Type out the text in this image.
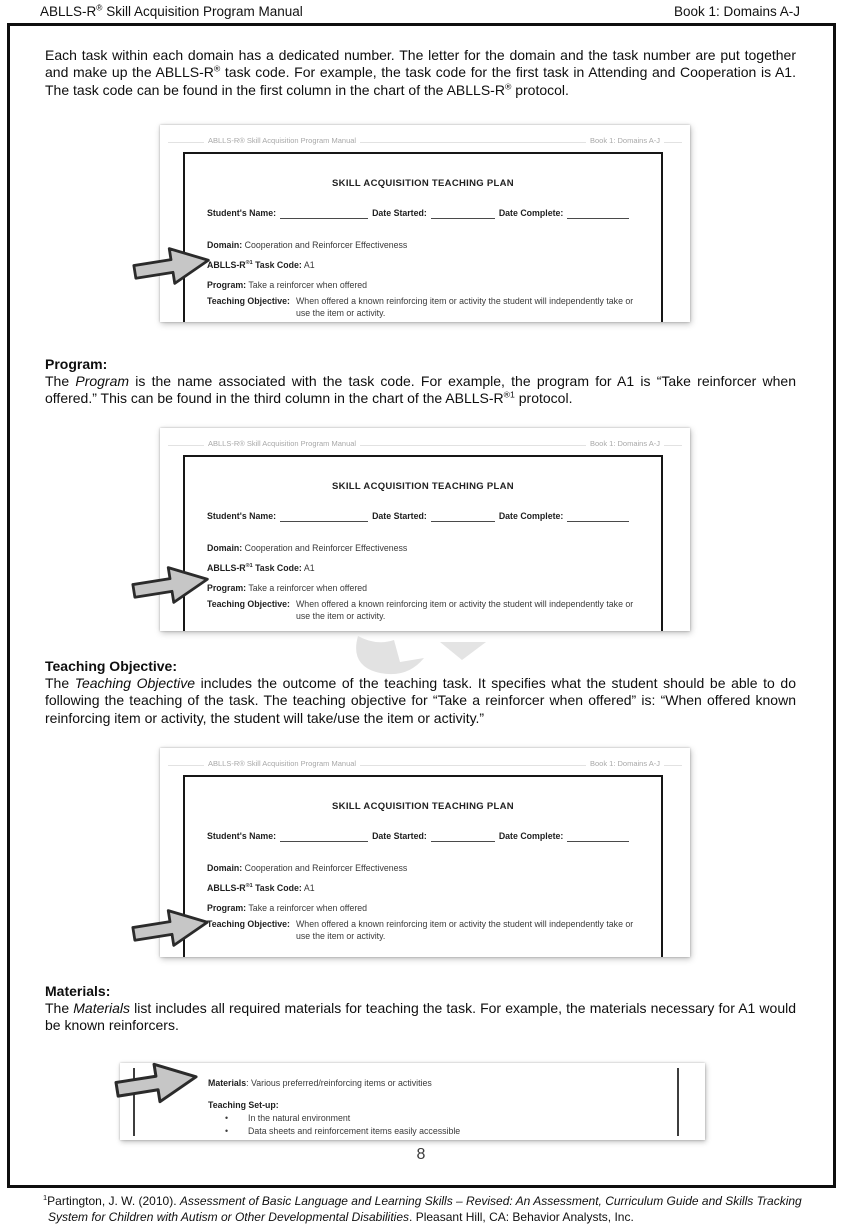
ABLLS-R® Skill Acquisition Program Manual	Book 1: Domains A-J

Each task within each domain has a dedicated number. The letter for the domain and the task number are put together and make up the ABLLS-R® task code. For example, the task code for the first task in Attending and Cooperation is A1. The task code can be found in the first column in the chart of the ABLLS-R® protocol.

ABLLS-R® Skill Acquisition Program Manual	Book 1: Domains A-J
SKILL ACQUISITION TEACHING PLAN
Student's Name:	Date Started:	Date Complete:
Domain: Cooperation and Reinforcer Effectiveness
ABLLS-$R^{®1}$ Task Code: A1
Program: Take a reinforcer when offered
Teaching Objective: When offered a known reinforcing item or activity the student will independently take or use the item or activity.
Program:

The Program is the name associated with the task code. For example, the program for A1 is “Take reinforcer when offered.” This can be found in the third column in the chart of the ABLLS-$R^{®1}$ protocol.

ABLLS-R® Skill Acquisition Program Manual	Book 1: Domains A-J
SKILL ACQUISITION TEACHING PLAN
Student's Name:	Date Started:	Date Complete:
Domain: Cooperation and Reinforcer Effectiveness
ABLLS-$R^{®1}$ Task Code: A1
Program: Take a reinforcer when offered
Teaching Objective: When offered a known reinforcing item or activity the student will independently take or use the item or activity.
Teaching Objective:

The Teaching Objective includes the outcome of the teaching task. It specifies what the student should be able to do following the teaching of the task. The teaching objective for “Take a reinforcer when offered” is: “When offered known reinforcing item or activity, the student will take/use the item or activity.”

ABLLS-R® Skill Acquisition Program Manual	Book 1: Domains A-J
SKILL ACQUISITION TEACHING PLAN
Student's Name:	Date Started:	Date Complete:
Domain: Cooperation and Reinforcer Effectiveness
ABLLS-$R^{®1}$ Task Code: A1
Program: Take a reinforcer when offered
Teaching Objective: When offered a known reinforcing item or activity the student will independently take or use the item or activity.
Materials:

The Materials list includes all required materials for teaching the task. For example, the materials necessary for A1 would be known reinforcers.

Materials: Various preferred/reinforcing items or activities
Teaching Set-up:
• In the natural environment
• Data sheets and reinforcement items easily accessible
8
$^1$Partington, J. W. (2010). Assessment of Basic Language and Learning Skills – Revised: An Assessment, Curriculum Guide and Skills Tracking
System for Children with Autism or Other Developmental Disabilities. Pleasant Hill, CA: Behavior Analysts, Inc.
